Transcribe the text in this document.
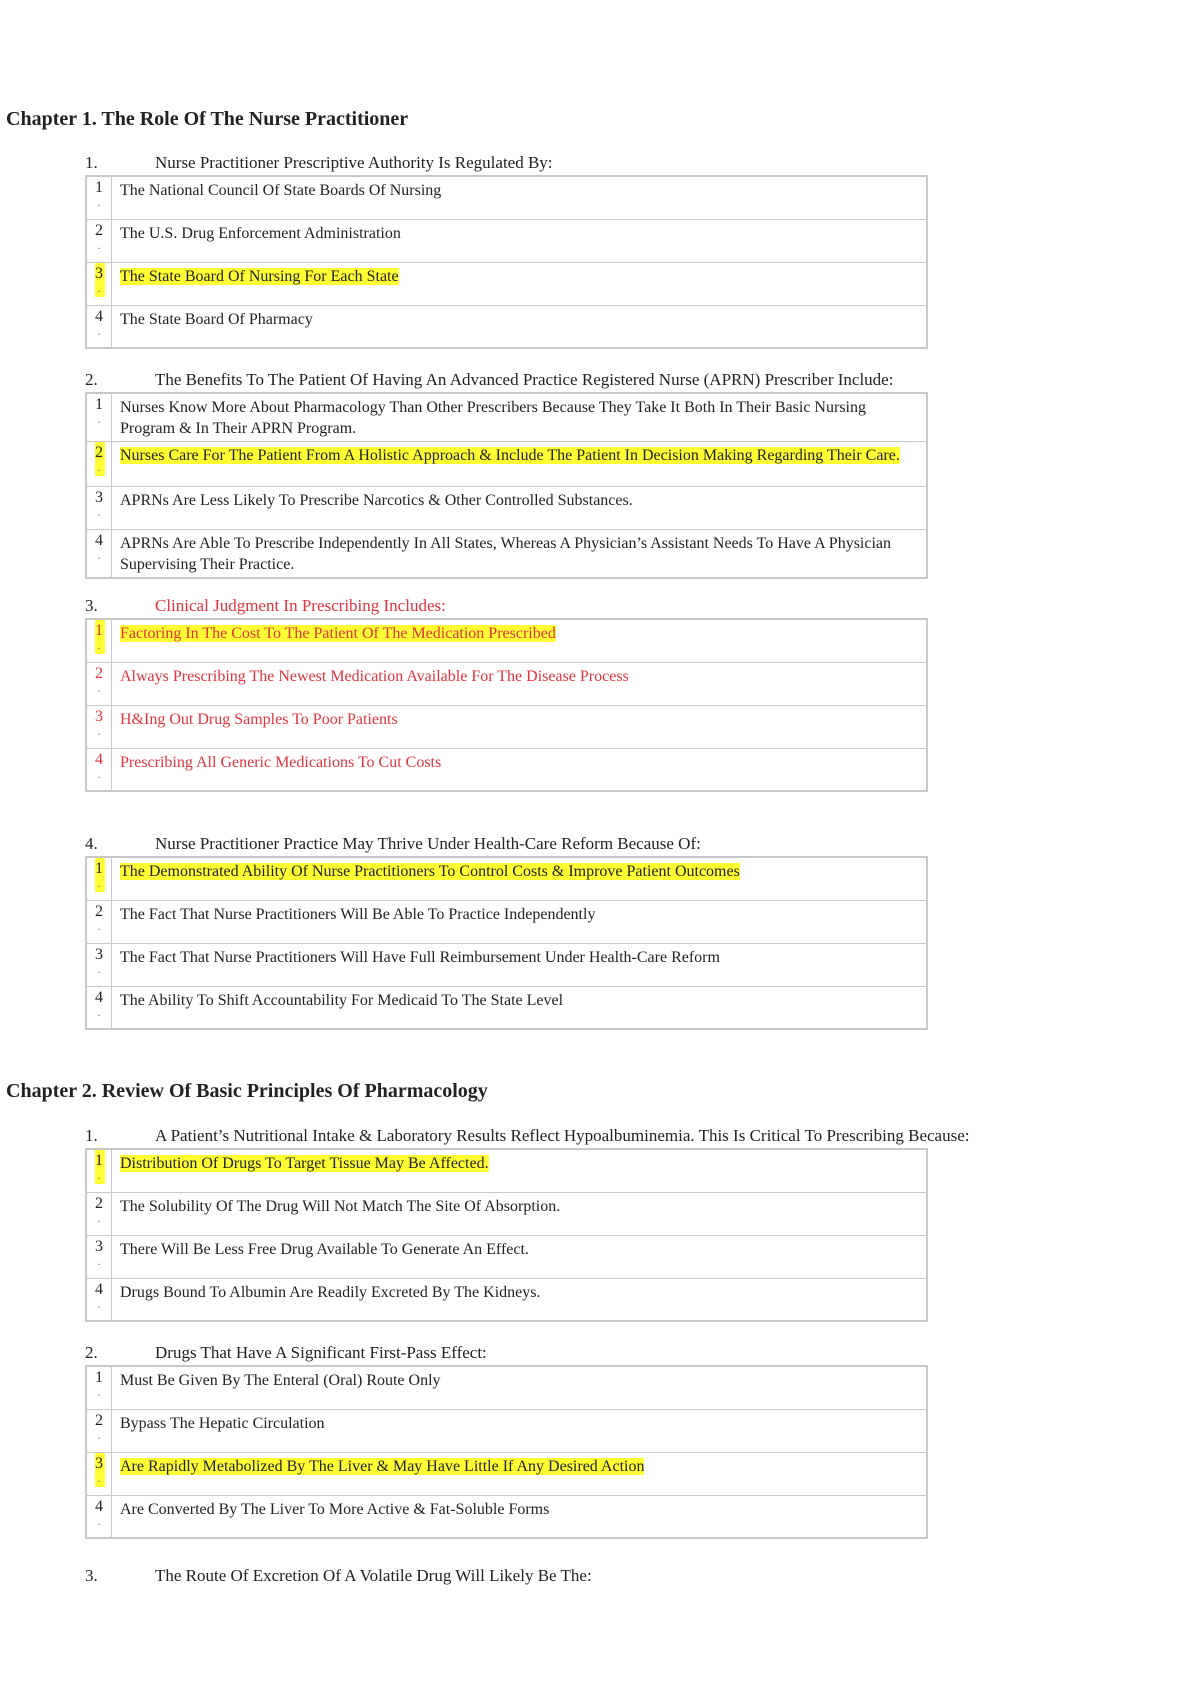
Chapter 1. The Role Of The Nurse Practitioner
1.	Nurse Practitioner Prescriptive Authority Is Regulated By:
1
.	The National Council Of State Boards Of Nursing
2
.	The U.S. Drug Enforcement Administration
3
.	The State Board Of Nursing For Each State
4
.	The State Board Of Pharmacy
2.	The Benefits To The Patient Of Having An Advanced Practice Registered Nurse (APRN) Prescriber Include:
1
.	Nurses Know More About Pharmacology Than Other Prescribers Because They Take It Both In Their Basic Nursing Program & In Their APRN Program.
2
.	Nurses Care For The Patient From A Holistic Approach & Include The Patient In Decision Making Regarding Their Care.
3
.	APRNs Are Less Likely To Prescribe Narcotics & Other Controlled Substances.
4
.	APRNs Are Able To Prescribe Independently In All States, Whereas A Physician’s Assistant Needs To Have A Physician Supervising Their Practice.
3.	Clinical Judgment In Prescribing Includes:
1
.	Factoring In The Cost To The Patient Of The Medication Prescribed
2
.	Always Prescribing The Newest Medication Available For The Disease Process
3
.	H&Ing Out Drug Samples To Poor Patients
4
.	Prescribing All Generic Medications To Cut Costs
4.	Nurse Practitioner Practice May Thrive Under Health-Care Reform Because Of:
1
.	The Demonstrated Ability Of Nurse Practitioners To Control Costs & Improve Patient Outcomes
2
.	The Fact That Nurse Practitioners Will Be Able To Practice Independently
3
.	The Fact That Nurse Practitioners Will Have Full Reimbursement Under Health-Care Reform
4
.	The Ability To Shift Accountability For Medicaid To The State Level
Chapter 2. Review Of Basic Principles Of Pharmacology
1.	A Patient’s Nutritional Intake & Laboratory Results Reflect Hypoalbuminemia. This Is Critical To Prescribing Because:
1
.	Distribution Of Drugs To Target Tissue May Be Affected.
2
.	The Solubility Of The Drug Will Not Match The Site Of Absorption.
3
.	There Will Be Less Free Drug Available To Generate An Effect.
4
.	Drugs Bound To Albumin Are Readily Excreted By The Kidneys.
2.	Drugs That Have A Significant First-Pass Effect:
1
.	Must Be Given By The Enteral (Oral) Route Only
2
.	Bypass The Hepatic Circulation
3
.	Are Rapidly Metabolized By The Liver & May Have Little If Any Desired Action
4
.	Are Converted By The Liver To More Active & Fat-Soluble Forms
3.	The Route Of Excretion Of A Volatile Drug Will Likely Be The:
